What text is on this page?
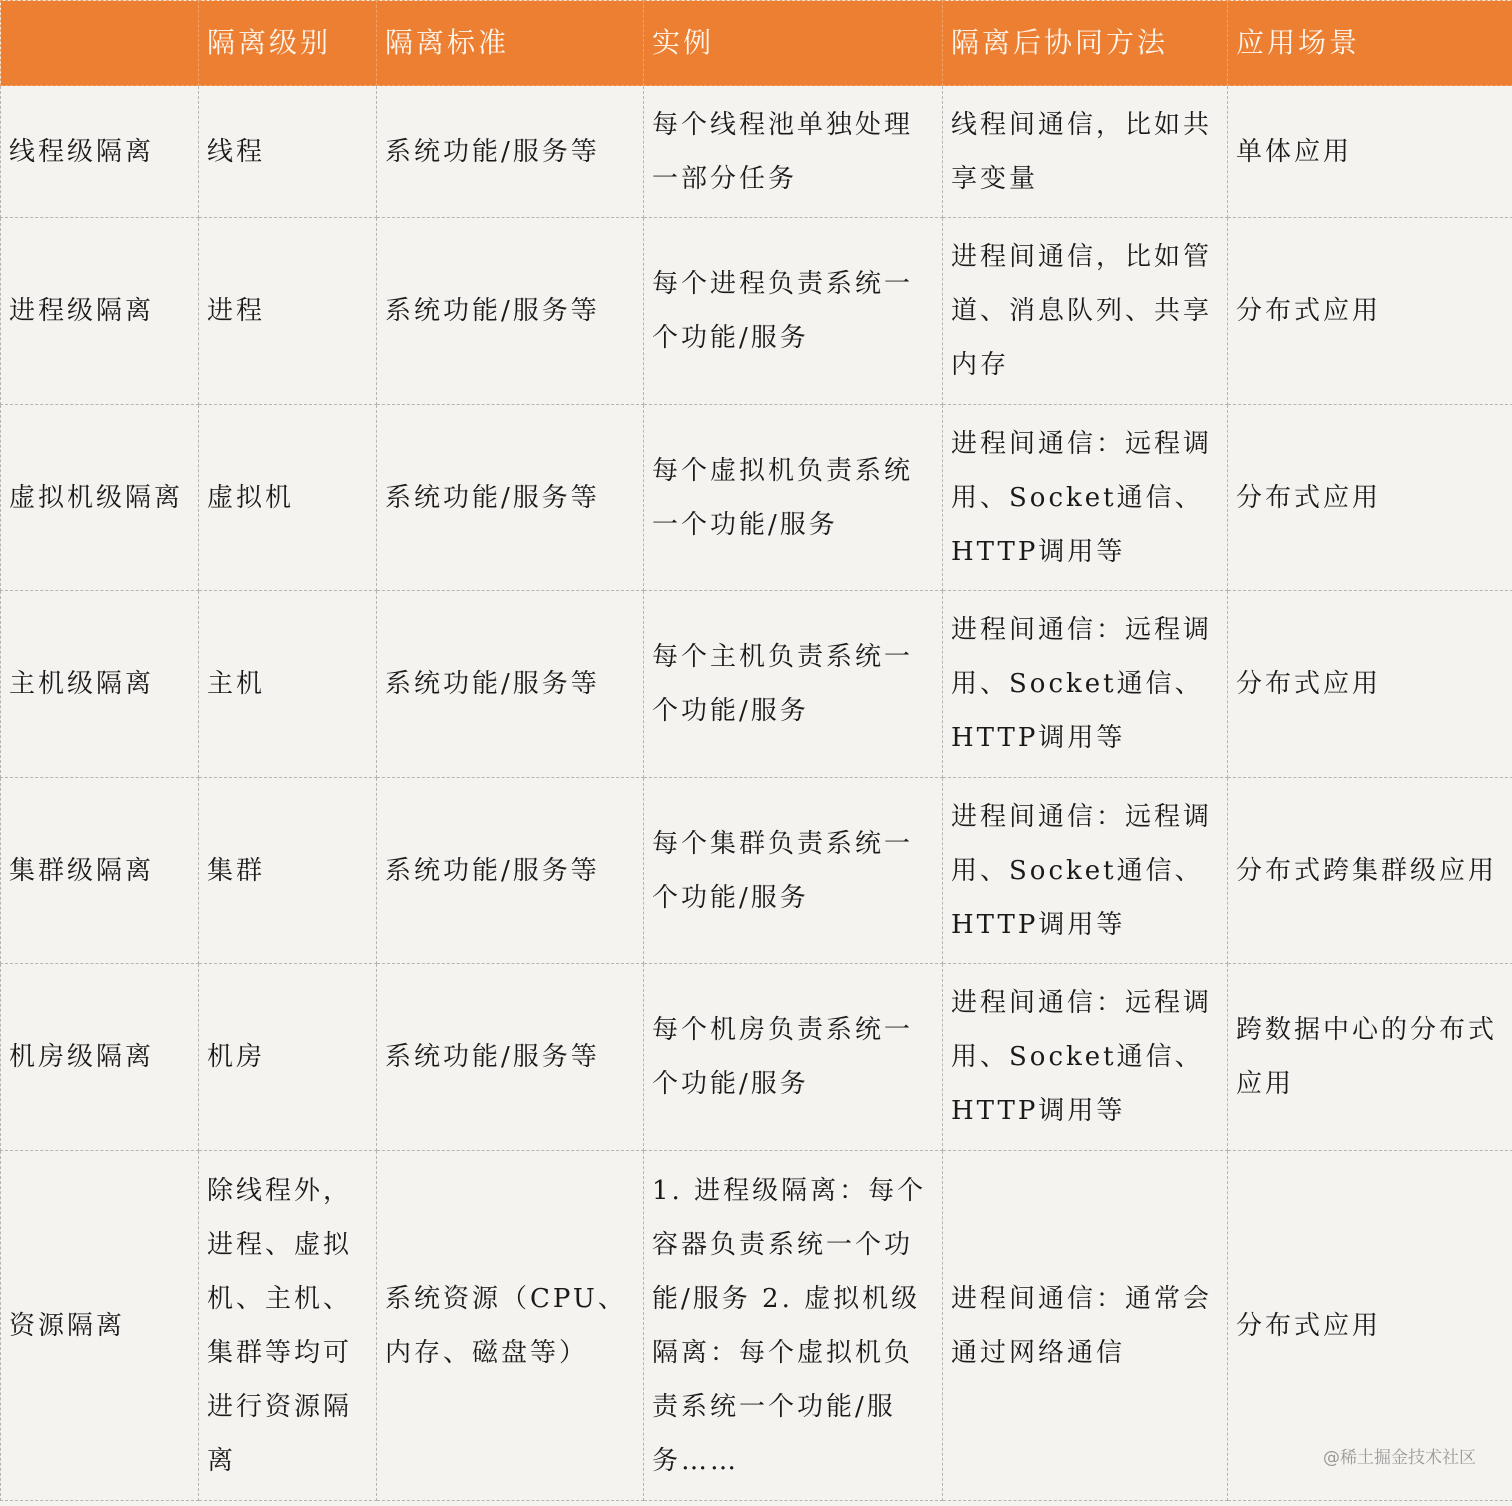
	隔离级别	隔离标准	实例	隔离后协同方法	应用场景
线程级隔离	线程	系统功能/服务等	每个线程池单独处理一部分任务	线程间通信，比如共享变量	单体应用
进程级隔离	进程	系统功能/服务等	每个进程负责系统一个功能/服务	进程间通信，比如管道、消息队列、共享内存	分布式应用
虚拟机级隔离	虚拟机	系统功能/服务等	每个虚拟机负责系统一个功能/服务	进程间通信：远程调用、Socket通信、HTTP调用等	分布式应用
主机级隔离	主机	系统功能/服务等	每个主机负责系统一个功能/服务	进程间通信：远程调用、Socket通信、HTTP调用等	分布式应用
集群级隔离	集群	系统功能/服务等	每个集群负责系统一个功能/服务	进程间通信：远程调用、Socket通信、HTTP调用等	分布式跨集群级应用
机房级隔离	机房	系统功能/服务等	每个机房负责系统一个功能/服务	进程间通信：远程调用、Socket通信、HTTP调用等	跨数据中心的分布式应用
资源隔离	除线程外，进程、虚拟机、主机、集群等均可进行资源隔离	系统资源（CPU、内存、磁盘等）	1. 进程级隔离：每个容器负责系统一个功能/服务 2. 虚拟机级隔离：每个虚拟机负责系统一个功能/服务……	进程间通信：通常会通过网络通信	分布式应用
@稀土掘金技术社区
